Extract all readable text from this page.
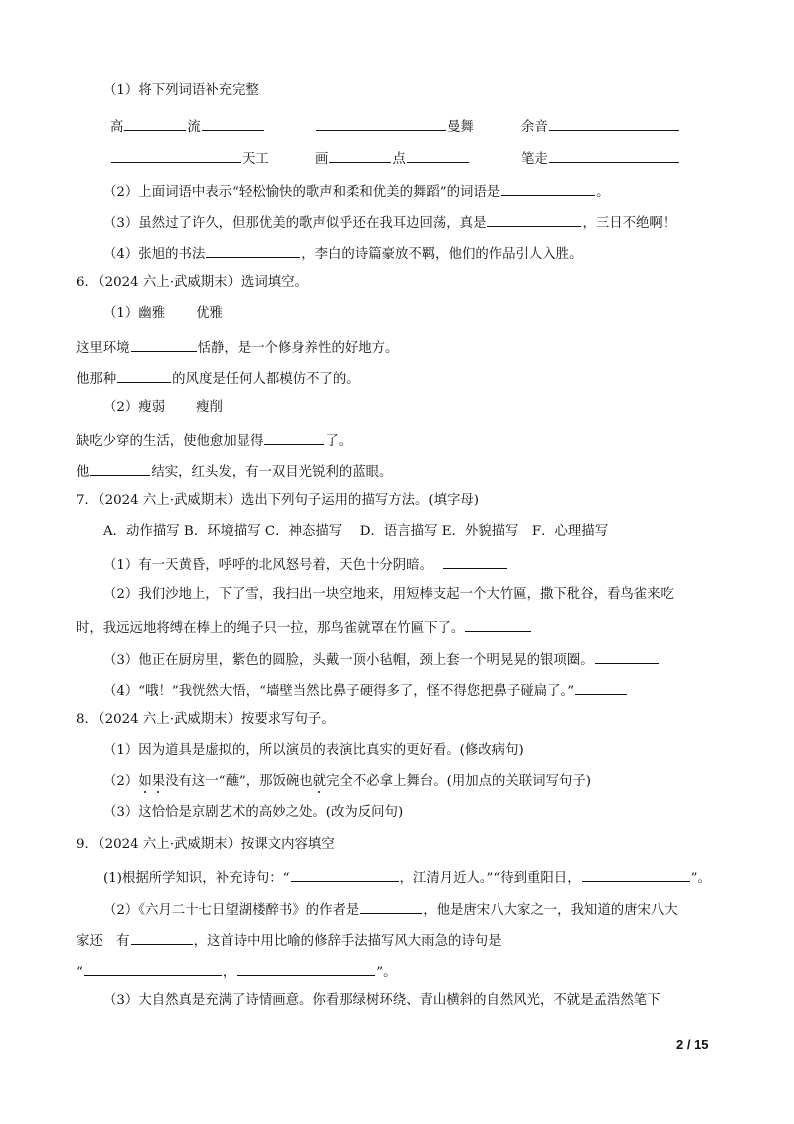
（1）将下列词语补充完整
高	流	曼舞	余音
天工	画	点	笔走
（2）上面词语中表示“轻松愉快的歌声和柔和优美的舞蹈”的词语是	。
（3）虽然过了许久，但那优美的歌声似乎还在我耳边回荡，真是	，三日不绝啊！
（4）张旭的书法	，李白的诗篇豪放不羁，他们的作品引人入胜。
6．（2024 六上·武威期末）选词填空。
（1）幽雅　　 优雅
这里环境	恬静，是一个修身养性的好地方。
他那种	的风度是任何人都模仿不了的。
（2）瘦弱　　 瘦削
缺吃少穿的生活，使他愈加显得	了。
他	结实，红头发，有一双目光锐利的蓝眼。
7．（2024 六上·武威期末）选出下列句子运用的描写方法。(填字母)
A．动作描写 B．环境描写 C．神态描写　 D．语言描写 E．外貌描写　F．心理描写
（1）有一天黄昏，呼呼的北风怒号着，天色十分阴暗。
（2）我们沙地上，下了雪，我扫出一块空地来，用短棒支起一个大竹匾，撒下秕谷，看鸟雀来吃
时，我远远地将缚在棒上的绳子只一拉，那鸟雀就罩在竹匾下了。
（3）他正在厨房里，紫色的圆脸，头戴一顶小毡帽，颈上套一个明晃晃的银项圈。
（4）“哦！”我恍然大悟，“墙壁当然比鼻子硬得多了，怪不得您把鼻子碰扁了。”
8．（2024 六上·武威期末）按要求写句子。
（1）因为道具是虚拟的，所以演员的表演比真实的更好看。(修改病句)
（2）如果没有这一“蘸”，那饭碗也就完全不必拿上舞台。(用加点的关联词写句子)
（3）这恰恰是京剧艺术的高妙之处。(改为反问句)
9．（2024 六上·武威期末）按课文内容填空
(1)根据所学知识，补充诗句：“	，江清月近人。”“待到重阳日，	”。
（2）《六月二十七日望湖楼醉书》的作者是	，他是唐宋八大家之一，我知道的唐宋八大
家还　有	，这首诗中用比喻的修辞手法描写风大雨急的诗句是
“	，	”。
（3）大自然真是充满了诗情画意。你看那绿树环绕、青山横斜的自然风光，不就是孟浩然笔下
2 / 15
